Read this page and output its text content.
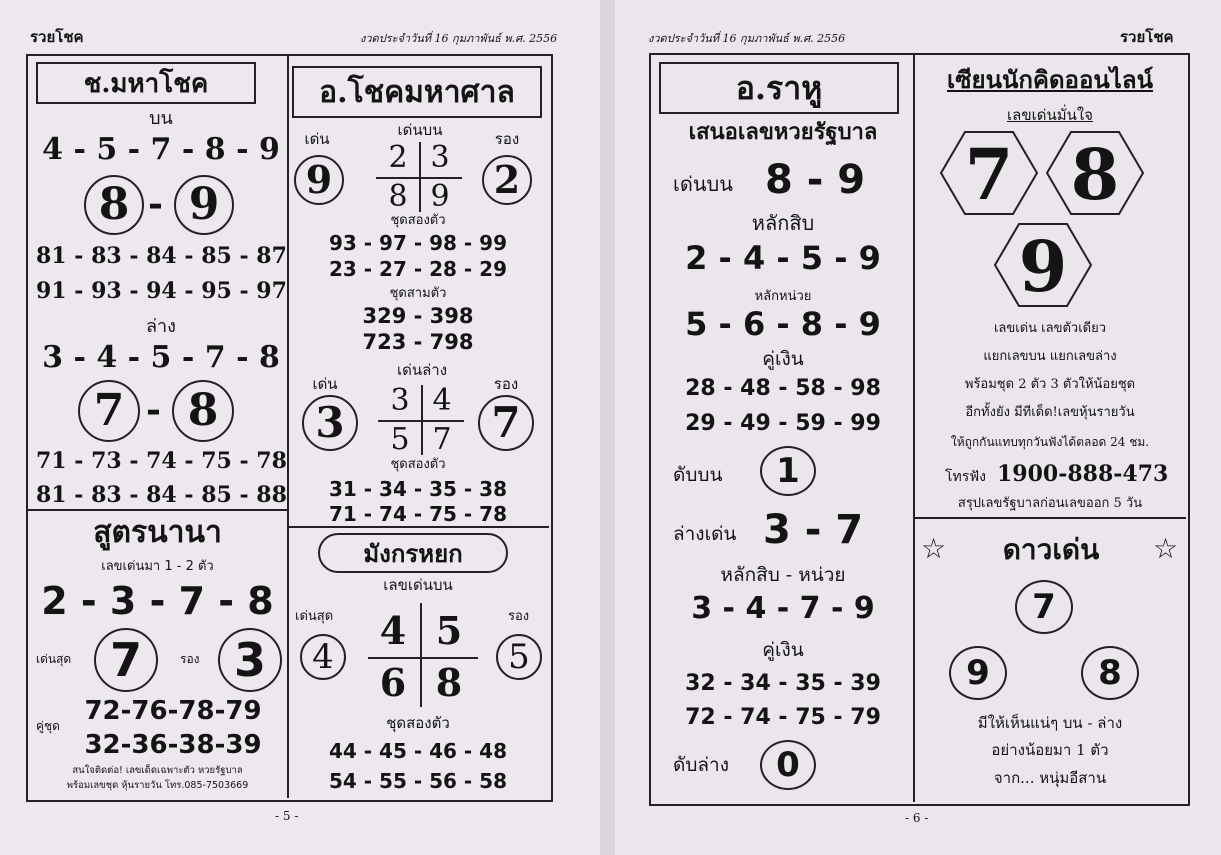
รวยโชค	งวดประจำวันที่ 16 กุมภาพันธ์ พ.ศ. 2556
ช.มหาโชค
บน
4 - 5 - 7 - 8 - 9
8 - 9
81 - 83 - 84 - 85 - 87
91 - 93 - 94 - 95 - 97
ล่าง
3 - 4 - 5 - 7 - 8
7 - 8
71 - 73 - 74 - 75 - 78
81 - 83 - 84 - 85 - 88
สูตรนานา
เลขเด่นมา 1 - 2 ตัว
2 - 3 - 7 - 8
เด่นสุด 7	รอง 3
72-76-78-79
คู่ชุด
32-36-38-39
สนใจติดต่อ! เลขเด็ดเฉพาะตัว หวยรัฐบาล
พร้อมเลขชุด หุ้นรายวัน โทร.085-7503669
อ.โชคมหาศาล
เด่น	เด่นบน	รอง
9	2
2 3
8 9
ชุดสองตัว
93 - 97 - 98 - 99
23 - 27 - 28 - 29
ชุดสามตัว
329 - 398
723 - 798
เด่น
เด่นล่าง
รอง
3	7
3 4
5 7
ชุดสองตัว
31 - 34 - 35 - 38
71 - 74 - 75 - 78
มังกรหยก
เลขเด่นบน
เด่นสุด	รอง
4	5
4 5
6 8
ชุดสองตัว
44 - 45 - 46 - 48
54 - 55 - 56 - 58
- 5 -
งวดประจำวันที่ 16 กุมภาพันธ์ พ.ศ. 2556	รวยโชค
อ.ราหู
เสนอเลขหวยรัฐบาล
เด่นบน 8 - 9
หลักสิบ
2 - 4 - 5 - 9
หลักหน่วย
5 - 6 - 8 - 9
คู่เงิน
28 - 48 - 58 - 98
29 - 49 - 59 - 99
ดับบน	1
ล่างเด่น 3 - 7
หลักสิบ - หน่วย
3 - 4 - 7 - 9
คู่เงิน
32 - 34 - 35 - 39
72 - 74 - 75 - 79
ดับล่าง	0
เซียนนักคิดออนไลน์
เลขเด่นมั่นใจ
7 8
9
เลขเด่น เลขตัวเดียว
แยกเลขบน แยกเลขล่าง
พร้อมชุด 2 ตัว 3 ตัวให้น้อยชุด
อีกทั้งยัง มีทีเด็ด!เลขหุ้นรายวัน
ให้ถูกกันแทบทุกวันฟังได้ตลอด 24 ชม.
โทรฟัง 1900-888-473
สรุปเลขรัฐบาลก่อนเลขออก 5 วัน
☆	ดาวเด่น	☆
7
9	8
มีให้เห็นแน่ๆ บน - ล่าง
อย่างน้อยมา 1 ตัว
จาก... หนุ่มอีสาน
- 6 -
